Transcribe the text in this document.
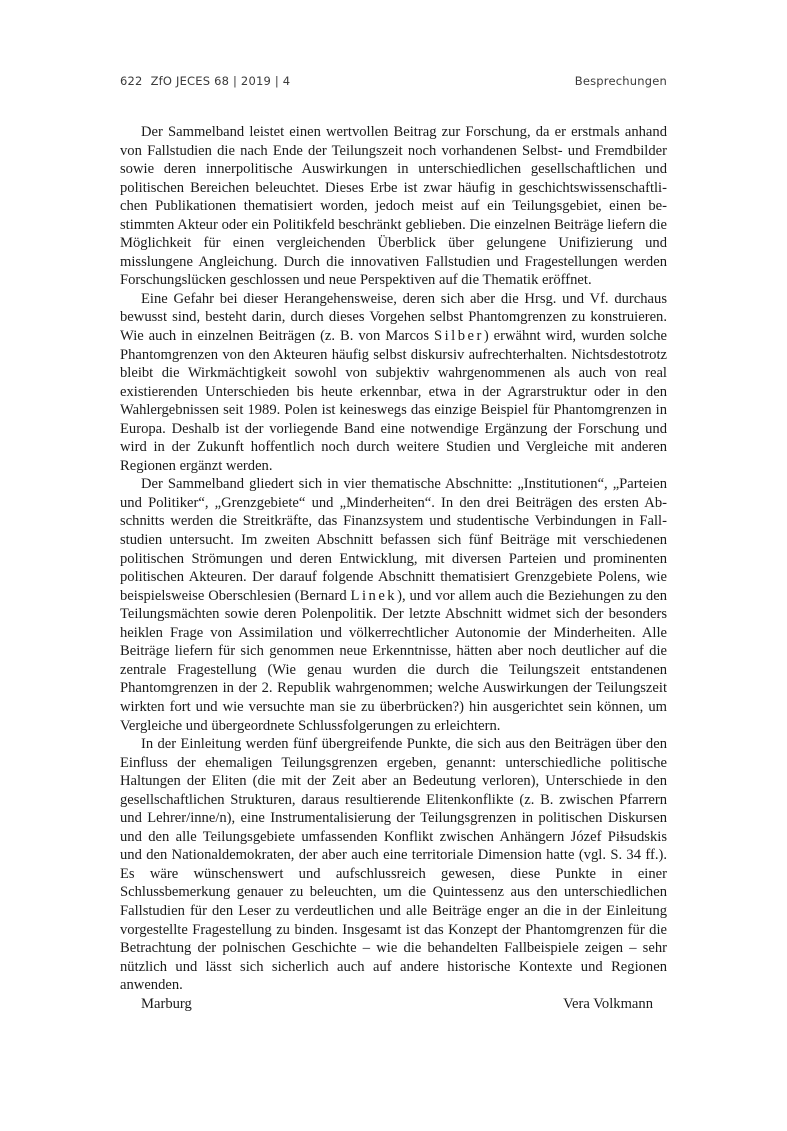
622 ZfO JECES 68 | 2019 | 4	Besprechungen

Der Sammelband leistet einen wertvollen Beitrag zur Forschung, da er erstmals anhand von Fallstudien die nach Ende der Teilungszeit noch vorhandenen Selbst- und Fremdbilder sowie deren innerpolitische Auswirkungen in unterschiedlichen gesellschaftlichen und politischen Bereichen beleuchtet. Dieses Erbe ist zwar häufig in geschichtswissenschaftlichen Publikationen thematisiert worden, jedoch meist auf ein Teilungsgebiet, einen bestimmten Akteur oder ein Politikfeld beschränkt geblieben. Die einzelnen Beiträge liefern die Möglichkeit für einen vergleichenden Überblick über gelungene Unifizierung und misslungene Angleichung. Durch die innovativen Fallstudien und Fragestellungen werden Forschungslücken geschlossen und neue Perspektiven auf die Thematik eröffnet.

Eine Gefahr bei dieser Herangehensweise, deren sich aber die Hrsg. und Vf. durchaus bewusst sind, besteht darin, durch dieses Vorgehen selbst Phantomgrenzen zu konstruieren. Wie auch in einzelnen Beiträgen (z. B. von Marcos Silber) erwähnt wird, wurden solche Phantomgrenzen von den Akteuren häufig selbst diskursiv aufrechterhalten. Nichtsdestotrotz bleibt die Wirkmächtigkeit sowohl von subjektiv wahrgenommenen als auch von real existierenden Unterschieden bis heute erkennbar, etwa in der Agrarstruktur oder in den Wahlergebnissen seit 1989. Polen ist keineswegs das einzige Beispiel für Phantomgrenzen in Europa. Deshalb ist der vorliegende Band eine notwendige Ergänzung der Forschung und wird in der Zukunft hoffentlich noch durch weitere Studien und Vergleiche mit anderen Regionen ergänzt werden.

Der Sammelband gliedert sich in vier thematische Abschnitte: „Institutionen“, „Parteien und Politiker“, „Grenzgebiete“ und „Minderheiten“. In den drei Beiträgen des ersten Abschnitts werden die Streitkräfte, das Finanzsystem und studentische Verbindungen in Fallstudien untersucht. Im zweiten Abschnitt befassen sich fünf Beiträge mit verschiedenen politischen Strömungen und deren Entwicklung, mit diversen Parteien und prominenten politischen Akteuren. Der darauf folgende Abschnitt thematisiert Grenzgebiete Polens, wie beispielsweise Oberschlesien (Bernard Linek), und vor allem auch die Beziehungen zu den Teilungsmächten sowie deren Polenpolitik. Der letzte Abschnitt widmet sich der besonders heiklen Frage von Assimilation und völkerrechtlicher Autonomie der Minderheiten. Alle Beiträge liefern für sich genommen neue Erkenntnisse, hätten aber noch deutlicher auf die zentrale Fragestellung (Wie genau wurden die durch die Teilungszeit entstandenen Phantomgrenzen in der 2. Republik wahrgenommen; welche Auswirkungen der Teilungszeit wirkten fort und wie versuchte man sie zu überbrücken?) hin ausgerichtet sein können, um Vergleiche und übergeordnete Schlussfolgerungen zu erleichtern.

In der Einleitung werden fünf übergreifende Punkte, die sich aus den Beiträgen über den Einfluss der ehemaligen Teilungsgrenzen ergeben, genannt: unterschiedliche politische Haltungen der Eliten (die mit der Zeit aber an Bedeutung verloren), Unterschiede in den gesellschaftlichen Strukturen, daraus resultierende Elitenkonflikte (z. B. zwischen Pfarrern und Lehrer/inne/n), eine Instrumentalisierung der Teilungsgrenzen in politischen Diskursen und den alle Teilungsgebiete umfassenden Konflikt zwischen Anhängern Józef Piłsudskis und den Nationaldemokraten, der aber auch eine territoriale Dimension hatte (vgl. S. 34 ff.). Es wäre wünschenswert und aufschlussreich gewesen, diese Punkte in einer Schlussbemerkung genauer zu beleuchten, um die Quintessenz aus den unterschiedlichen Fallstudien für den Leser zu verdeutlichen und alle Beiträge enger an die in der Einleitung vorgestellte Fragestellung zu binden. Insgesamt ist das Konzept der Phantomgrenzen für die Betrachtung der polnischen Geschichte – wie die behandelten Fallbeispiele zeigen – sehr nützlich und lässt sich sicherlich auch auf andere historische Kontexte und Regionen anwenden.

Marburg	Vera Volkmann
